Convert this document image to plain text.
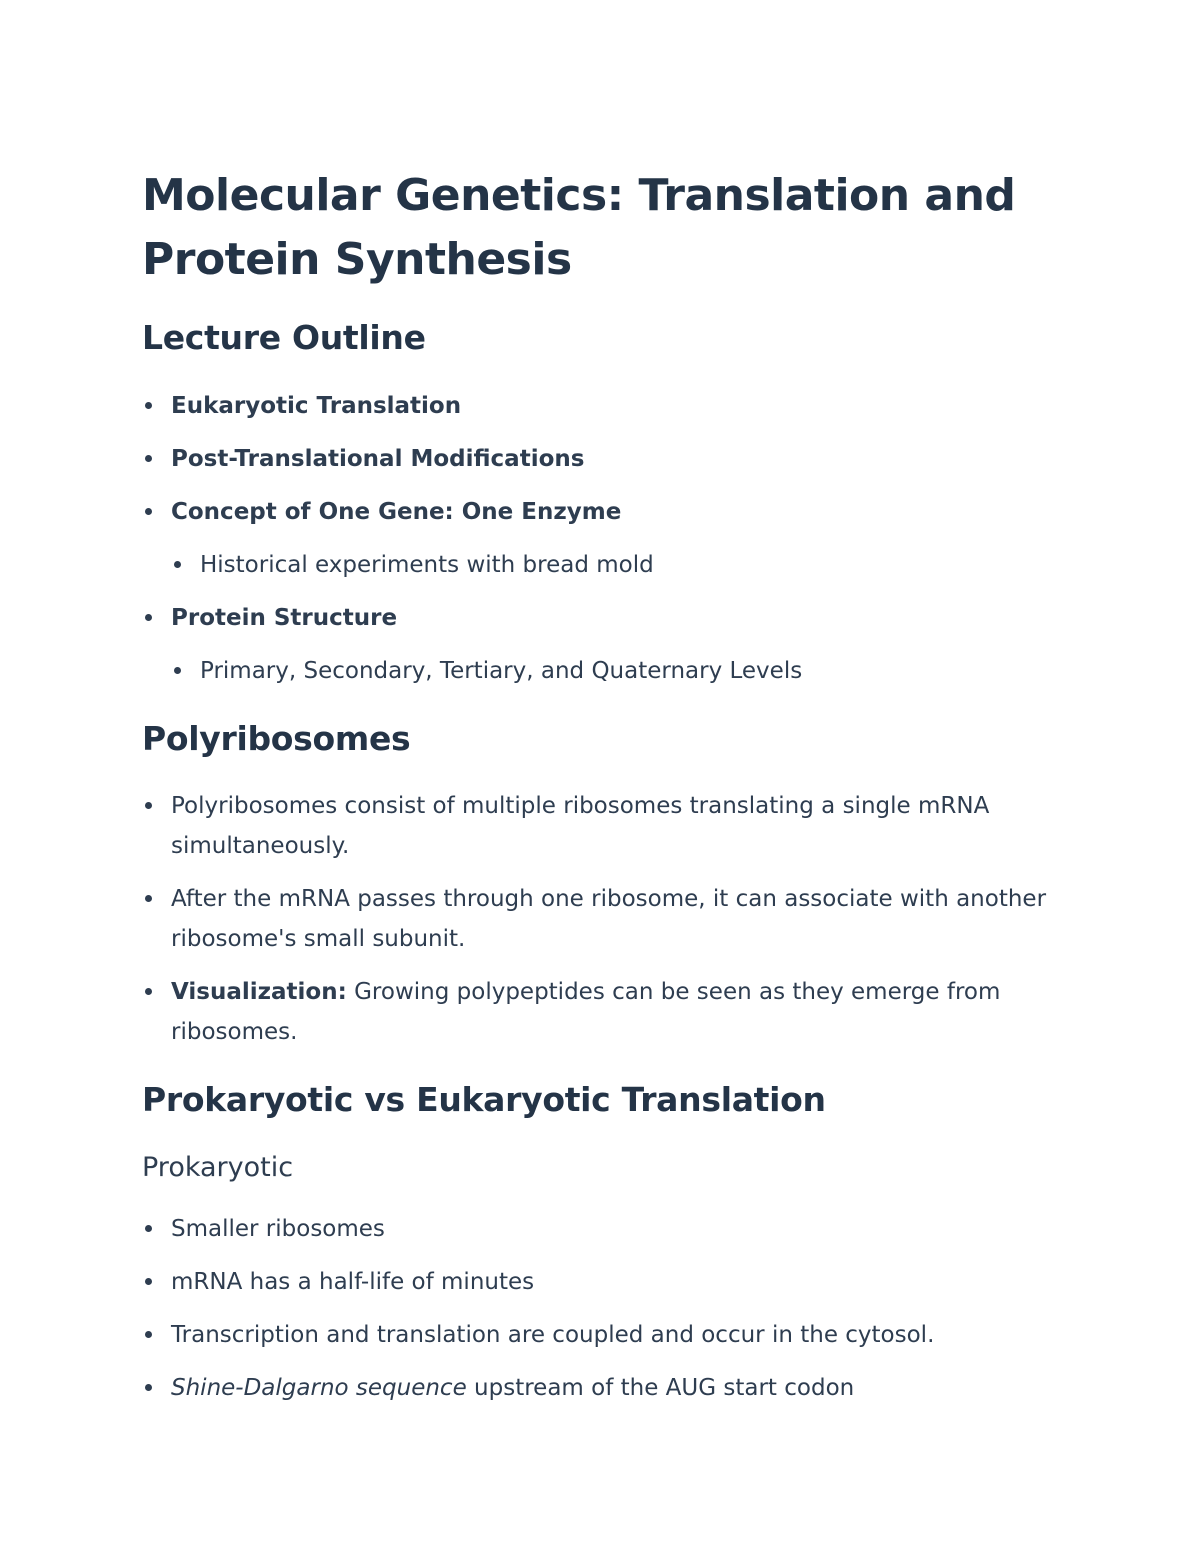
Molecular Genetics: Translation and Protein Synthesis
Lecture Outline
Eukaryotic Translation
Post-Translational Modifications
Concept of One Gene: One Enzyme
Historical experiments with bread mold
Protein Structure
Primary, Secondary, Tertiary, and Quaternary Levels
Polyribosomes
Polyribosomes consist of multiple ribosomes translating a single mRNA simultaneously.
After the mRNA passes through one ribosome, it can associate with another ribosome's small subunit.
Visualization: Growing polypeptides can be seen as they emerge from ribosomes.
Prokaryotic vs Eukaryotic Translation
Prokaryotic
Smaller ribosomes
mRNA has a half-life of minutes
Transcription and translation are coupled and occur in the cytosol.
Shine-Dalgarno sequence upstream of the AUG start codon
